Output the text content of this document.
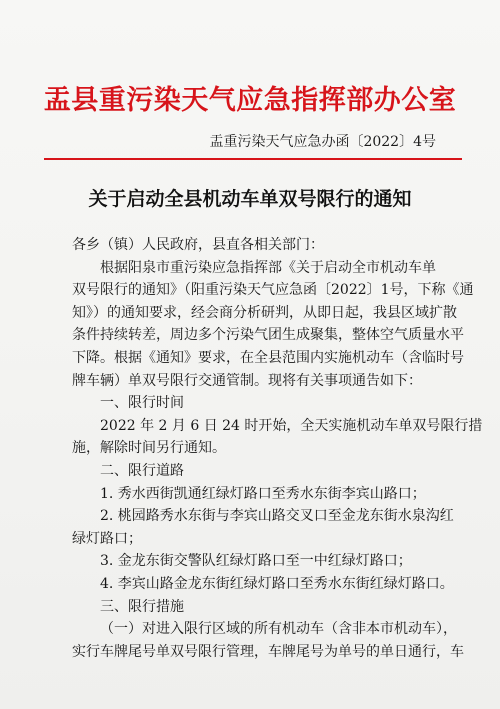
盂县重污染天气应急指挥部办公室
盂重污染天气应急办函〔2022〕4号
关于启动全县机动车单双号限行的通知

各乡（镇）人民政府，县直各相关部门：

根据阳泉市重污染应急指挥部《关于启动全市机动车单

双号限行的通知》（阳重污染天气应急函〔2022〕1号，下称《通

知》）的通知要求，经会商分析研判，从即日起，我县区域扩散

条件持续转差，周边多个污染气团生成聚集，整体空气质量水平

下降。根据《通知》要求，在全县范围内实施机动车（含临时号

牌车辆）单双号限行交通管制。现将有关事项通告如下：

一、限行时间

2022 年 2 月 6 日 24 时开始，全天实施机动车单双号限行措

施，解除时间另行通知。

二、限行道路

1. 秀水西街凯通红绿灯路口至秀水东街李宾山路口；

2. 桃园路秀水东街与李宾山路交叉口至金龙东街水泉沟红

绿灯路口；

3. 金龙东街交警队红绿灯路口至一中红绿灯路口；

4. 李宾山路金龙东街红绿灯路口至秀水东街红绿灯路口。

三、限行措施

（一）对进入限行区域的所有机动车（含非本市机动车），

实行车牌尾号单双号限行管理，车牌尾号为单号的单日通行，车
